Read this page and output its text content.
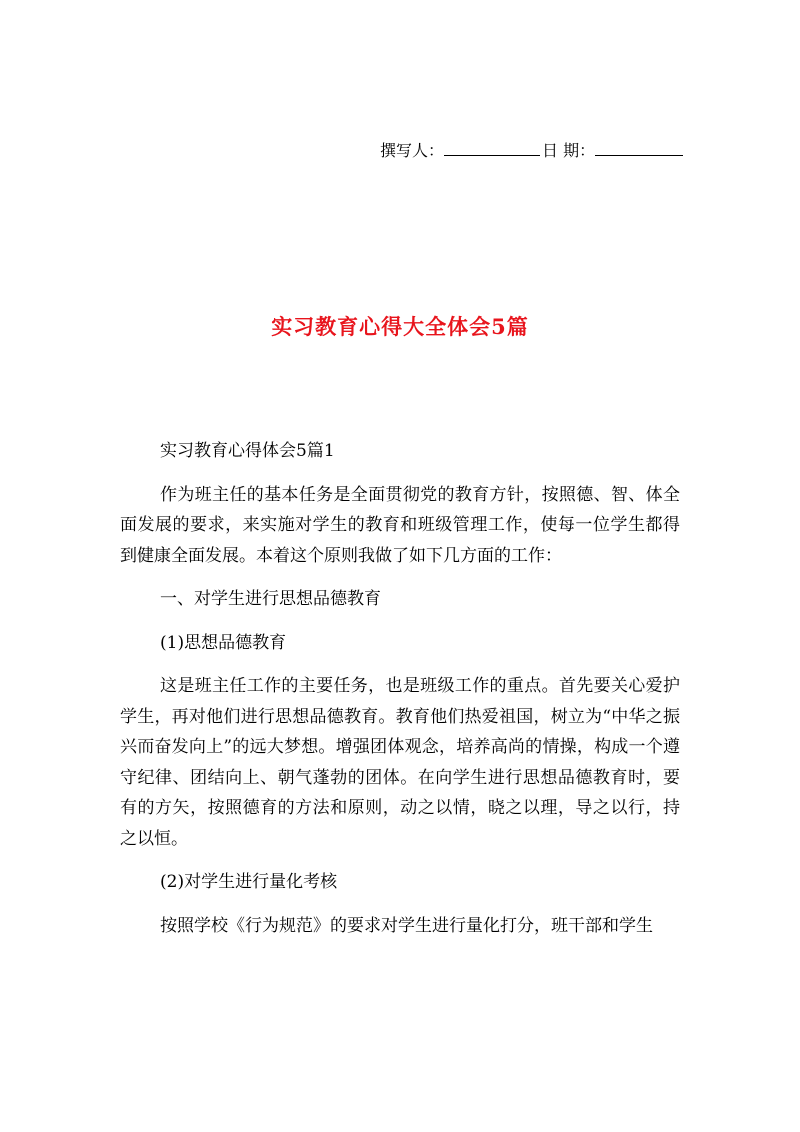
撰写人：	日 期：
实习教育心得大全体会5篇

实习教育心得体会5篇1

作为班主任的基本任务是全面贯彻党的教育方针，按照德、智、体全面发展的要求，来实施对学生的教育和班级管理工作，使每一位学生都得到健康全面发展。本着这个原则我做了如下几方面的工作：

一、对学生进行思想品德教育

(1)思想品德教育

这是班主任工作的主要任务，也是班级工作的重点。首先要关心爱护学生，再对他们进行思想品德教育。教育他们热爱祖国，树立为“中华之振兴而奋发向上”的远大梦想。增强团体观念，培养高尚的情操，构成一个遵守纪律、团结向上、朝气蓬勃的团体。在向学生进行思想品德教育时，要有的方矢，按照德育的方法和原则，动之以情，晓之以理，导之以行，持之以恒。

(2)对学生进行量化考核

按照学校《行为规范》的要求对学生进行量化打分，班干部和学生
